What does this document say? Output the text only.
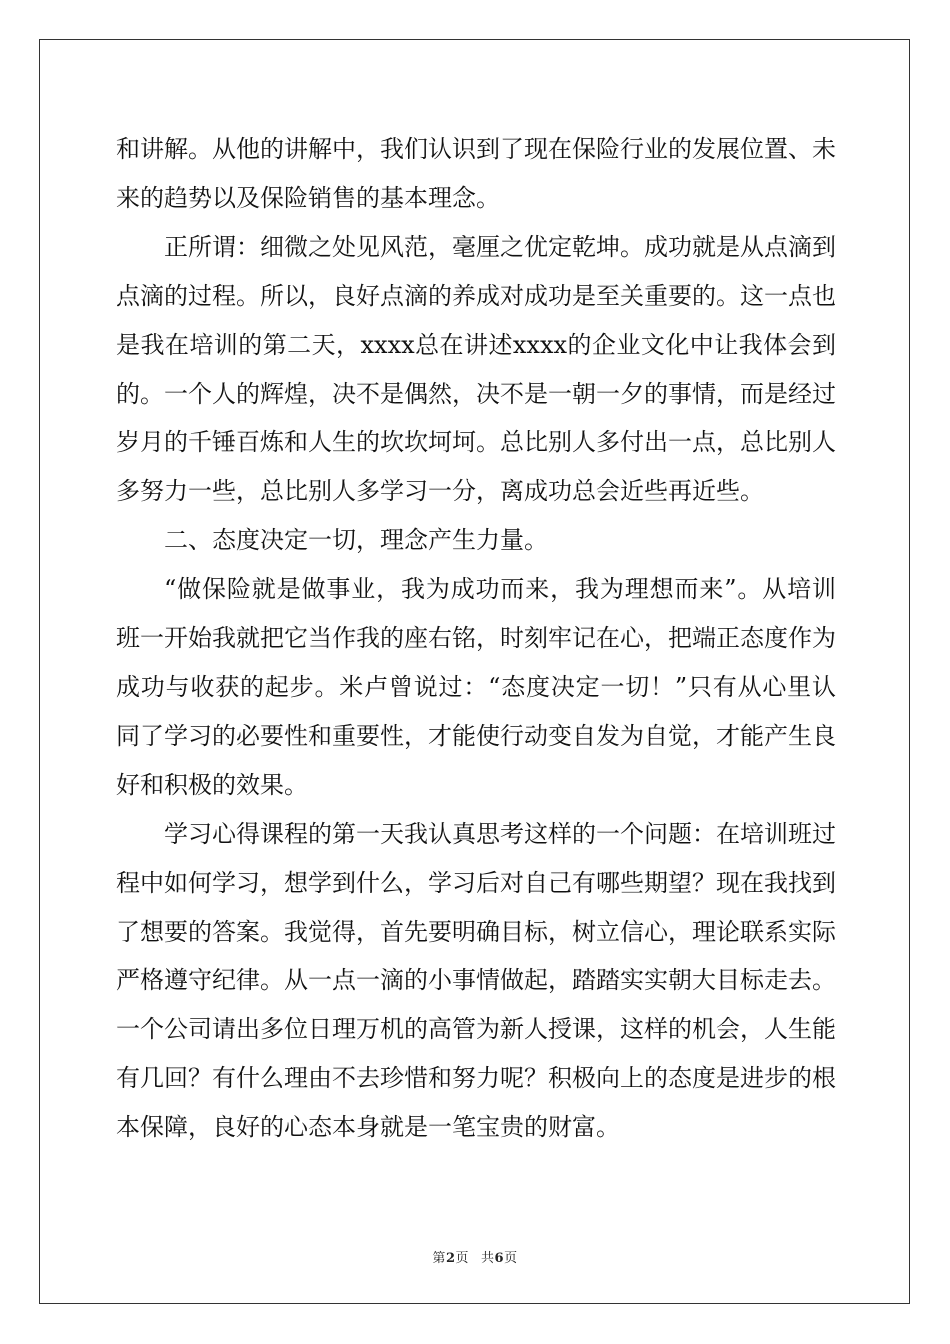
和讲解。从他的讲解中，我们认识到了现在保险行业的发展位置、未来的趋势以及保险销售的基本理念。

正所谓：细微之处见风范，毫厘之优定乾坤。成功就是从点滴到点滴的过程。所以，良好点滴的养成对成功是至关重要的。这一点也是我在培训的第二天，xxxx总在讲述xxxx的企业文化中让我体会到的。一个人的辉煌，决不是偶然，决不是一朝一夕的事情，而是经过岁月的千锤百炼和人生的坎坎坷坷。总比别人多付出一点，总比别人多努力一些，总比别人多学习一分，离成功总会近些再近些。

二、态度决定一切，理念产生力量。

“做保险就是做事业，我为成功而来，我为理想而来”。从培训班一开始我就把它当作我的座右铭，时刻牢记在心，把端正态度作为成功与收获的起步。米卢曾说过：“态度决定一切！”只有从心里认同了学习的必要性和重要性，才能使行动变自发为自觉，才能产生良好和积极的效果。

学习心得课程的第一天我认真思考这样的一个问题：在培训班过程中如何学习，想学到什么，学习后对自己有哪些期望？现在我找到了想要的答案。我觉得，首先要明确目标，树立信心，理论联系实际严格遵守纪律。从一点一滴的小事情做起，踏踏实实朝大目标走去。一个公司请出多位日理万机的高管为新人授课，这样的机会，人生能有几回？有什么理由不去珍惜和努力呢？积极向上的态度是进步的根本保障，良好的心态本身就是一笔宝贵的财富。

第2页 共6页
